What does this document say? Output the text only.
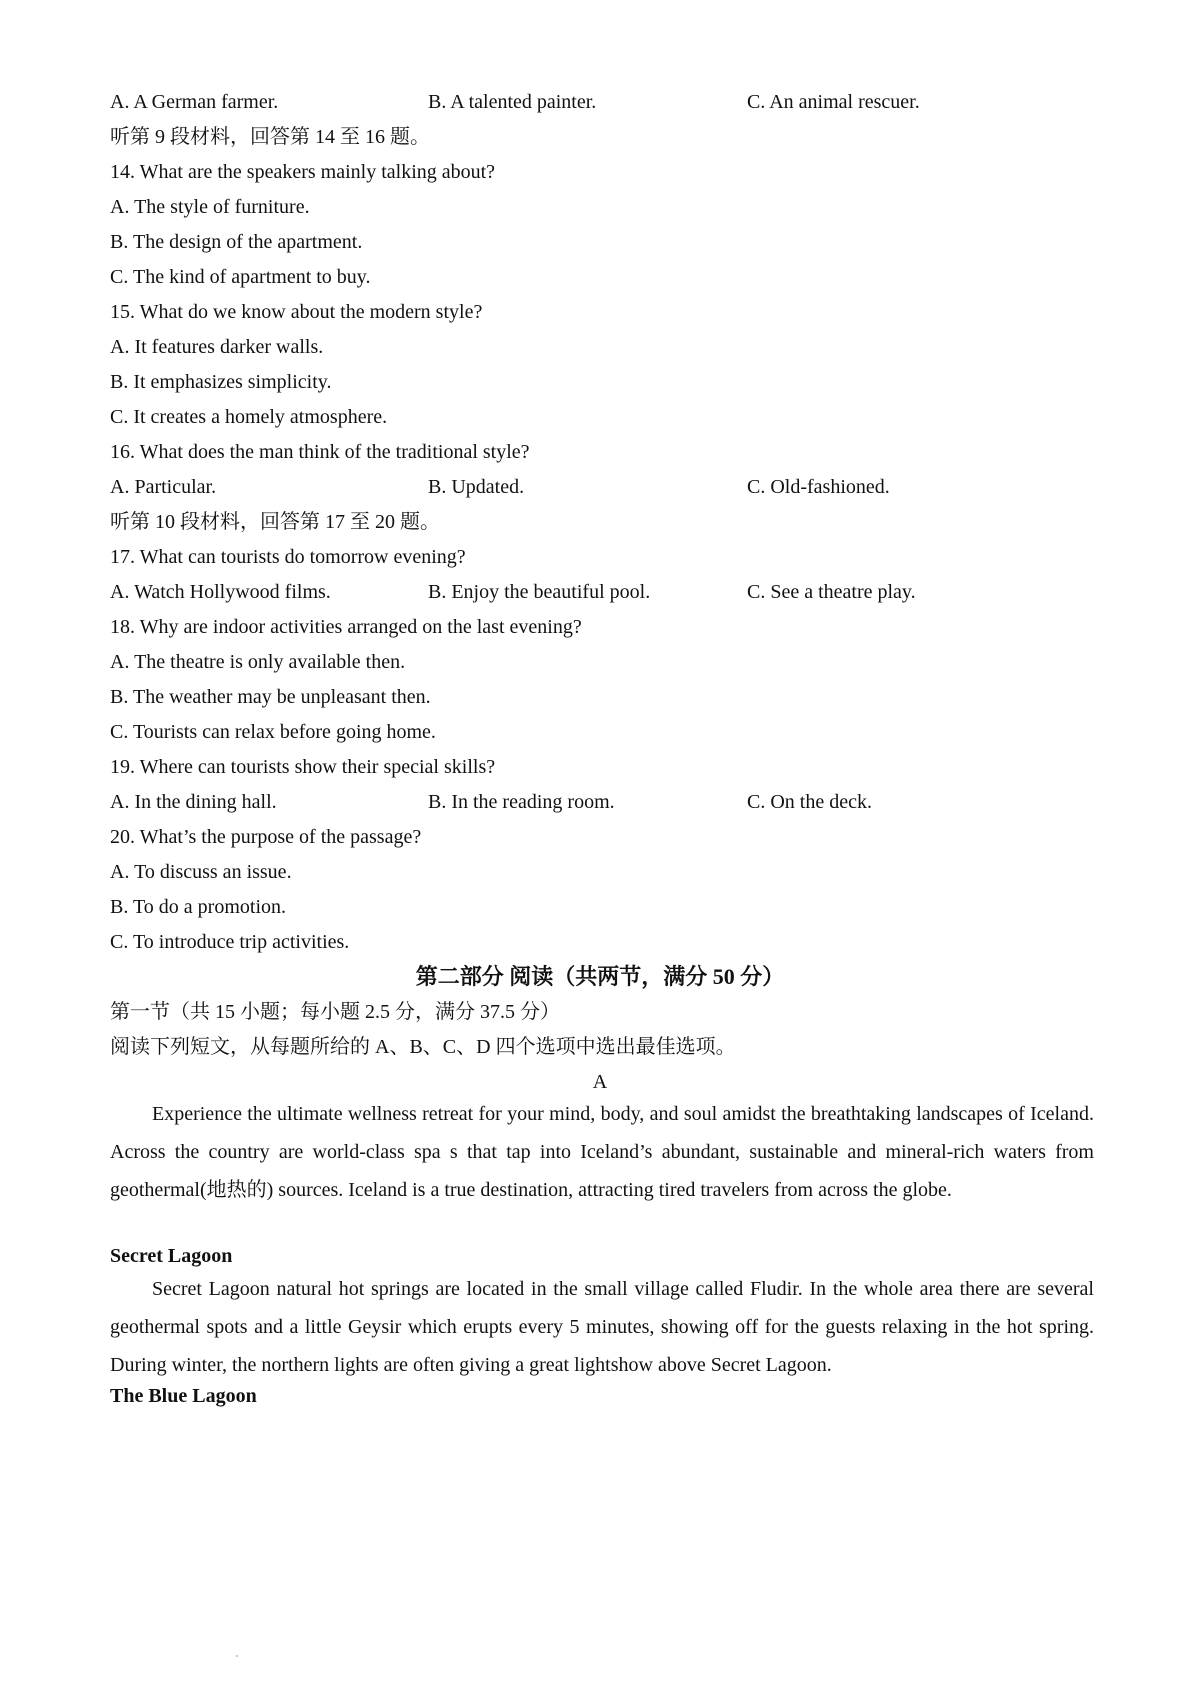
A. A German farmer.	B. A talented painter.	C. An animal rescuer.
听第 9 段材料，回答第 14 至 16 题。
14. What are the speakers mainly talking about?
A. The style of furniture.
B. The design of the apartment.
C. The kind of apartment to buy.
15. What do we know about the modern style?
A. It features darker walls.
B. It emphasizes simplicity.
C. It creates a homely atmosphere.
16. What does the man think of the traditional style?
A. Particular.	B. Updated.	C. Old-fashioned.
听第 10 段材料，回答第 17 至 20 题。
17. What can tourists do tomorrow evening?
A. Watch Hollywood films.	B. Enjoy the beautiful pool.	C. See a theatre play.
18. Why are indoor activities arranged on the last evening?
A. The theatre is only available then.
B. The weather may be unpleasant then.
C. Tourists can relax before going home.
19. Where can tourists show their special skills?
A. In the dining hall.	B. In the reading room.	C. On the deck.
20. What’s the purpose of the passage?
A. To discuss an issue.
B. To do a promotion.
C. To introduce trip activities.
第二部分 阅读（共两节，满分 50 分）
第一节（共 15 小题；每小题 2.5 分，满分 37.5 分）
阅读下列短文，从每题所给的 A、B、C、D 四个选项中选出最佳选项。
A
Experience the ultimate wellness retreat for your mind, body, and soul amidst the breathtaking landscapes of Iceland. Across the country are world-class spa s that tap into Iceland’s abundant, sustainable and mineral-rich waters from geothermal(地热的) sources. Iceland is a true destination, attracting tired travelers from across the globe.
Secret Lagoon
Secret Lagoon natural hot springs are located in the small village called Fludir. In the whole area there are several geothermal spots and a little Geysir which erupts every 5 minutes, showing off for the guests relaxing in the hot spring. During winter, the northern lights are often giving a great lightshow above Secret Lagoon.
The Blue Lagoon
